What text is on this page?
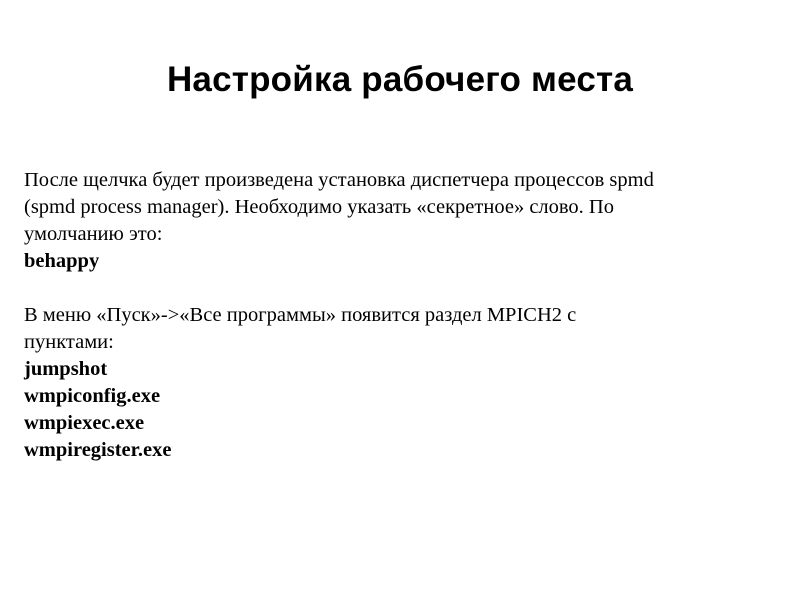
Настройка рабочего места
После щелчка будет произведена установка диспетчера процессов spmd
(spmd process manager). Необходимо указать «секретное» слово. По
умолчанию это:
behappy
В меню «Пуск»->«Все программы» появится раздел MPICH2 с
пунктами:
jumpshot
wmpiconfig.exe
wmpiexec.exe
wmpiregister.exe
